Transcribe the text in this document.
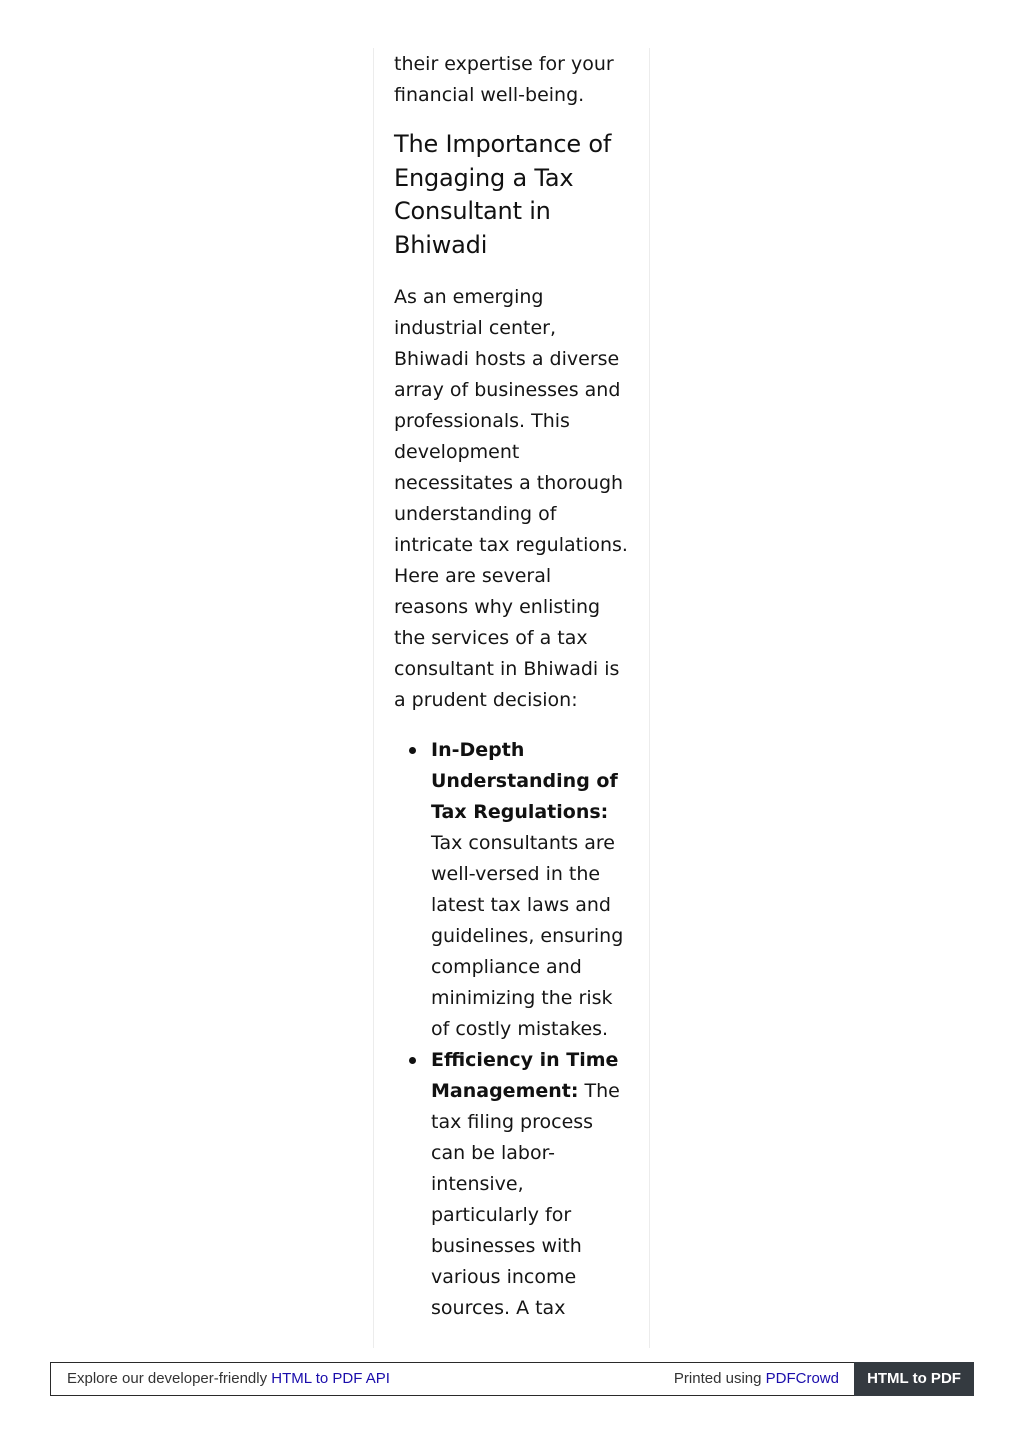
their expertise for your financial well-being.

The Importance of Engaging a Tax Consultant in Bhiwadi

As an emerging industrial center, Bhiwadi hosts a diverse array of businesses and professionals. This development necessitates a thorough understanding of intricate tax regulations. Here are several reasons why enlisting the services of a tax consultant in Bhiwadi is a prudent decision:

In-Depth Understanding of Tax Regulations: Tax consultants are well-versed in the latest tax laws and guidelines, ensuring compliance and minimizing the risk of costly mistakes.
Efficiency in Time Management: The tax filing process can be labor-intensive, particularly for businesses with various income sources. A tax
Explore our developer-friendly HTML to PDF API	Printed using PDFCrowd	HTML to PDF
